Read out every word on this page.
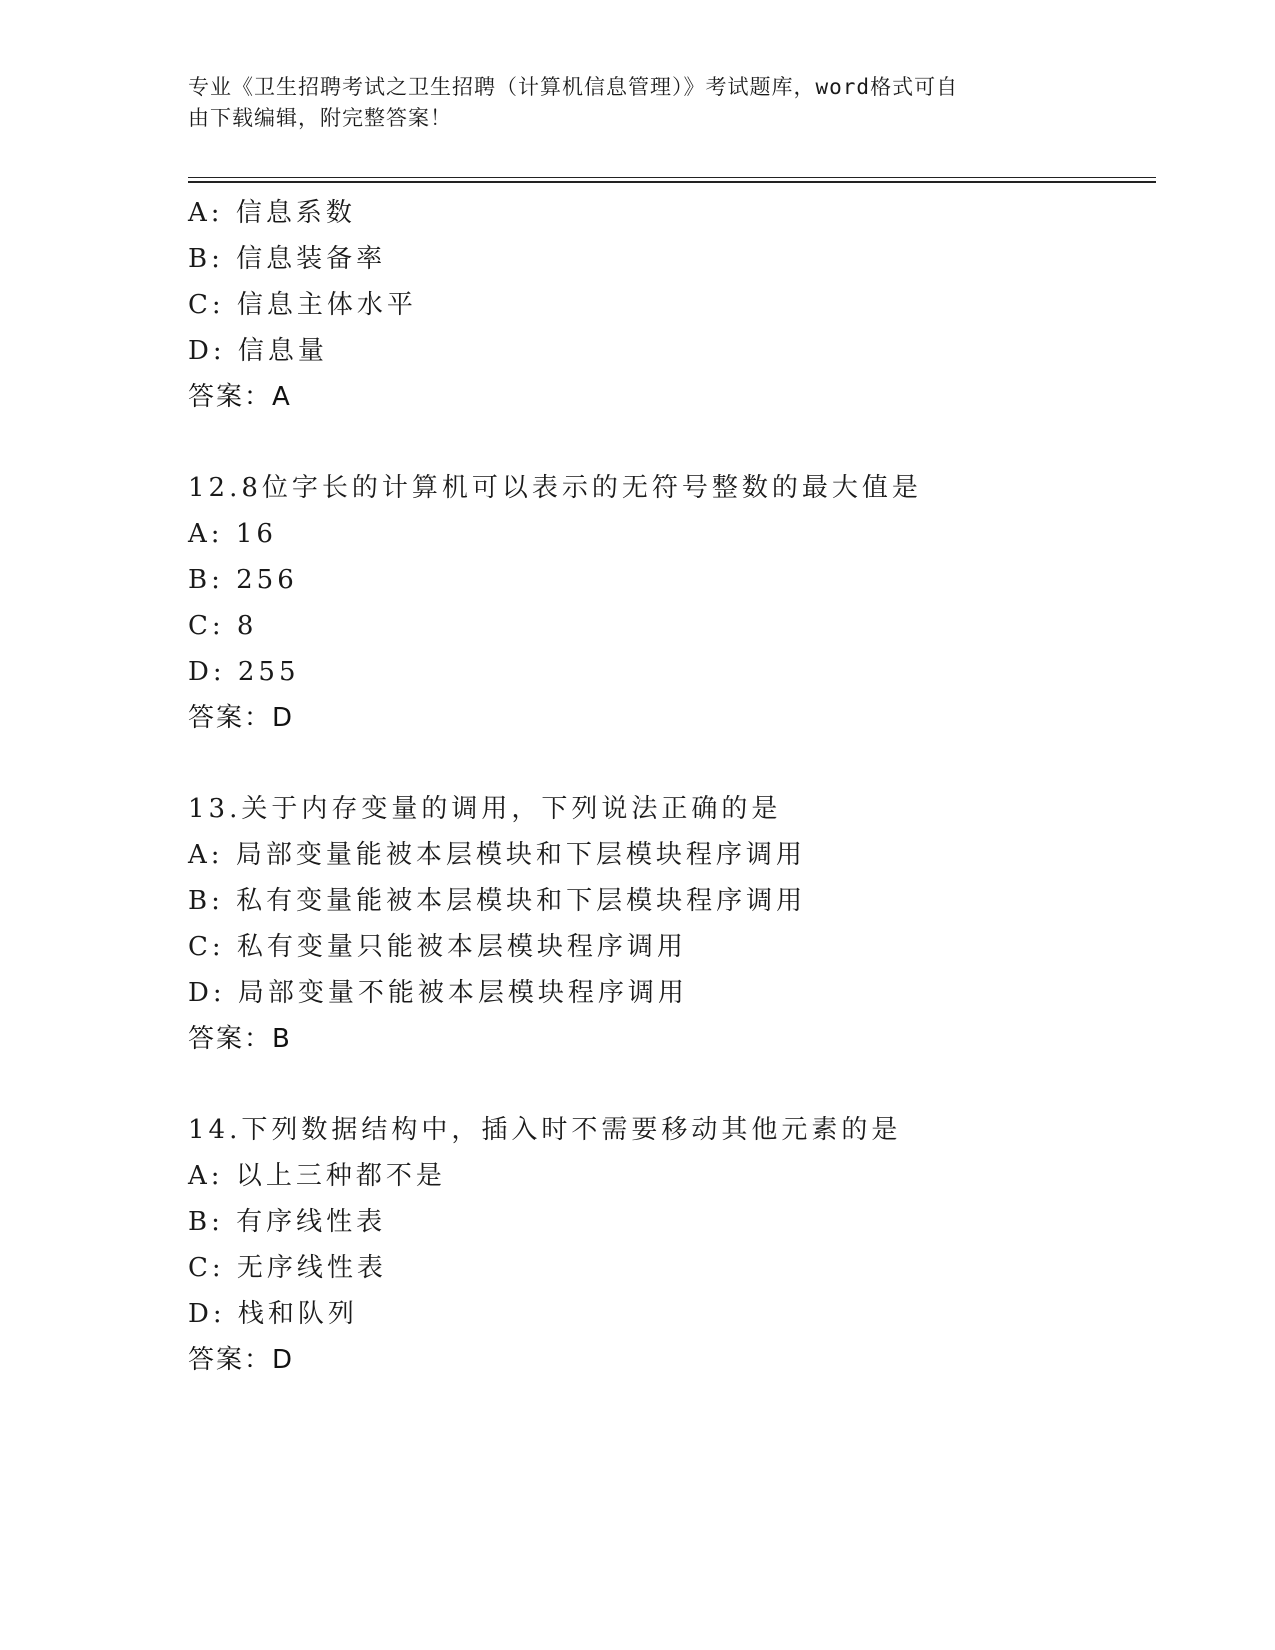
专业《卫生招聘考试之卫生招聘（计算机信息管理）》考试题库，word格式可自
由下载编辑，附完整答案！
A: 信息系数
B: 信息装备率
C: 信息主体水平
D: 信息量
答案：A
12.8位字长的计算机可以表示的无符号整数的最大值是
A: 16
B: 256
C: 8
D: 255
答案：D
13.关于内存变量的调用，下列说法正确的是
A: 局部变量能被本层模块和下层模块程序调用
B: 私有变量能被本层模块和下层模块程序调用
C: 私有变量只能被本层模块程序调用
D: 局部变量不能被本层模块程序调用
答案：B
14.下列数据结构中，插入时不需要移动其他元素的是
A: 以上三种都不是
B: 有序线性表
C: 无序线性表
D: 栈和队列
答案：D
